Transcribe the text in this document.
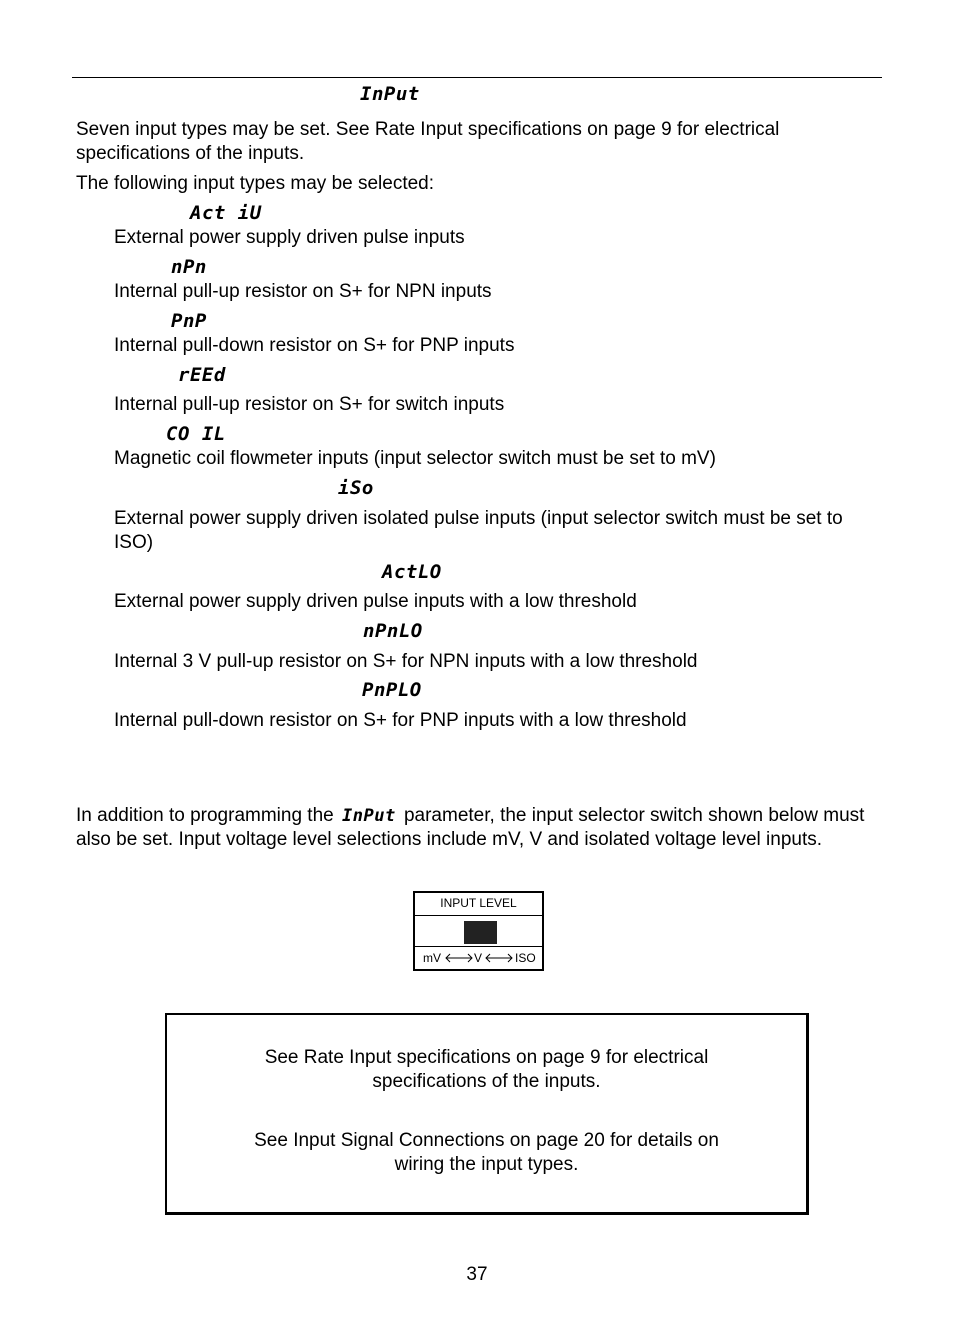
InPut
Seven input types may be set. See Rate Input specifications on page 9 for electrical specifications of the inputs.
The following input types may be selected:
Act iU
External power supply driven pulse inputs
nPn
Internal pull-up resistor on S+ for NPN inputs
PnP
Internal pull-down resistor on S+ for PNP inputs
rEEd
Internal pull-up resistor on S+ for switch inputs
CO IL
Magnetic coil flowmeter inputs (input selector switch must be set to mV)
iSo
External power supply driven isolated pulse inputs (input selector switch must be set to ISO)
ActLO
External power supply driven pulse inputs with a low threshold
nPnLO
Internal 3 V pull-up resistor on S+ for NPN inputs with a low threshold
PnPLO
Internal pull-down resistor on S+ for PNP inputs with a low threshold
In addition to programming the InPut parameter, the input selector switch shown below must also be set. Input voltage level selections include mV, V and isolated voltage level inputs.
INPUT LEVEL
mV	V	ISO

See Rate Input specifications on page 9 for electrical specifications of the inputs.

See Input Signal Connections on page 20 for details on wiring the input types.

37
